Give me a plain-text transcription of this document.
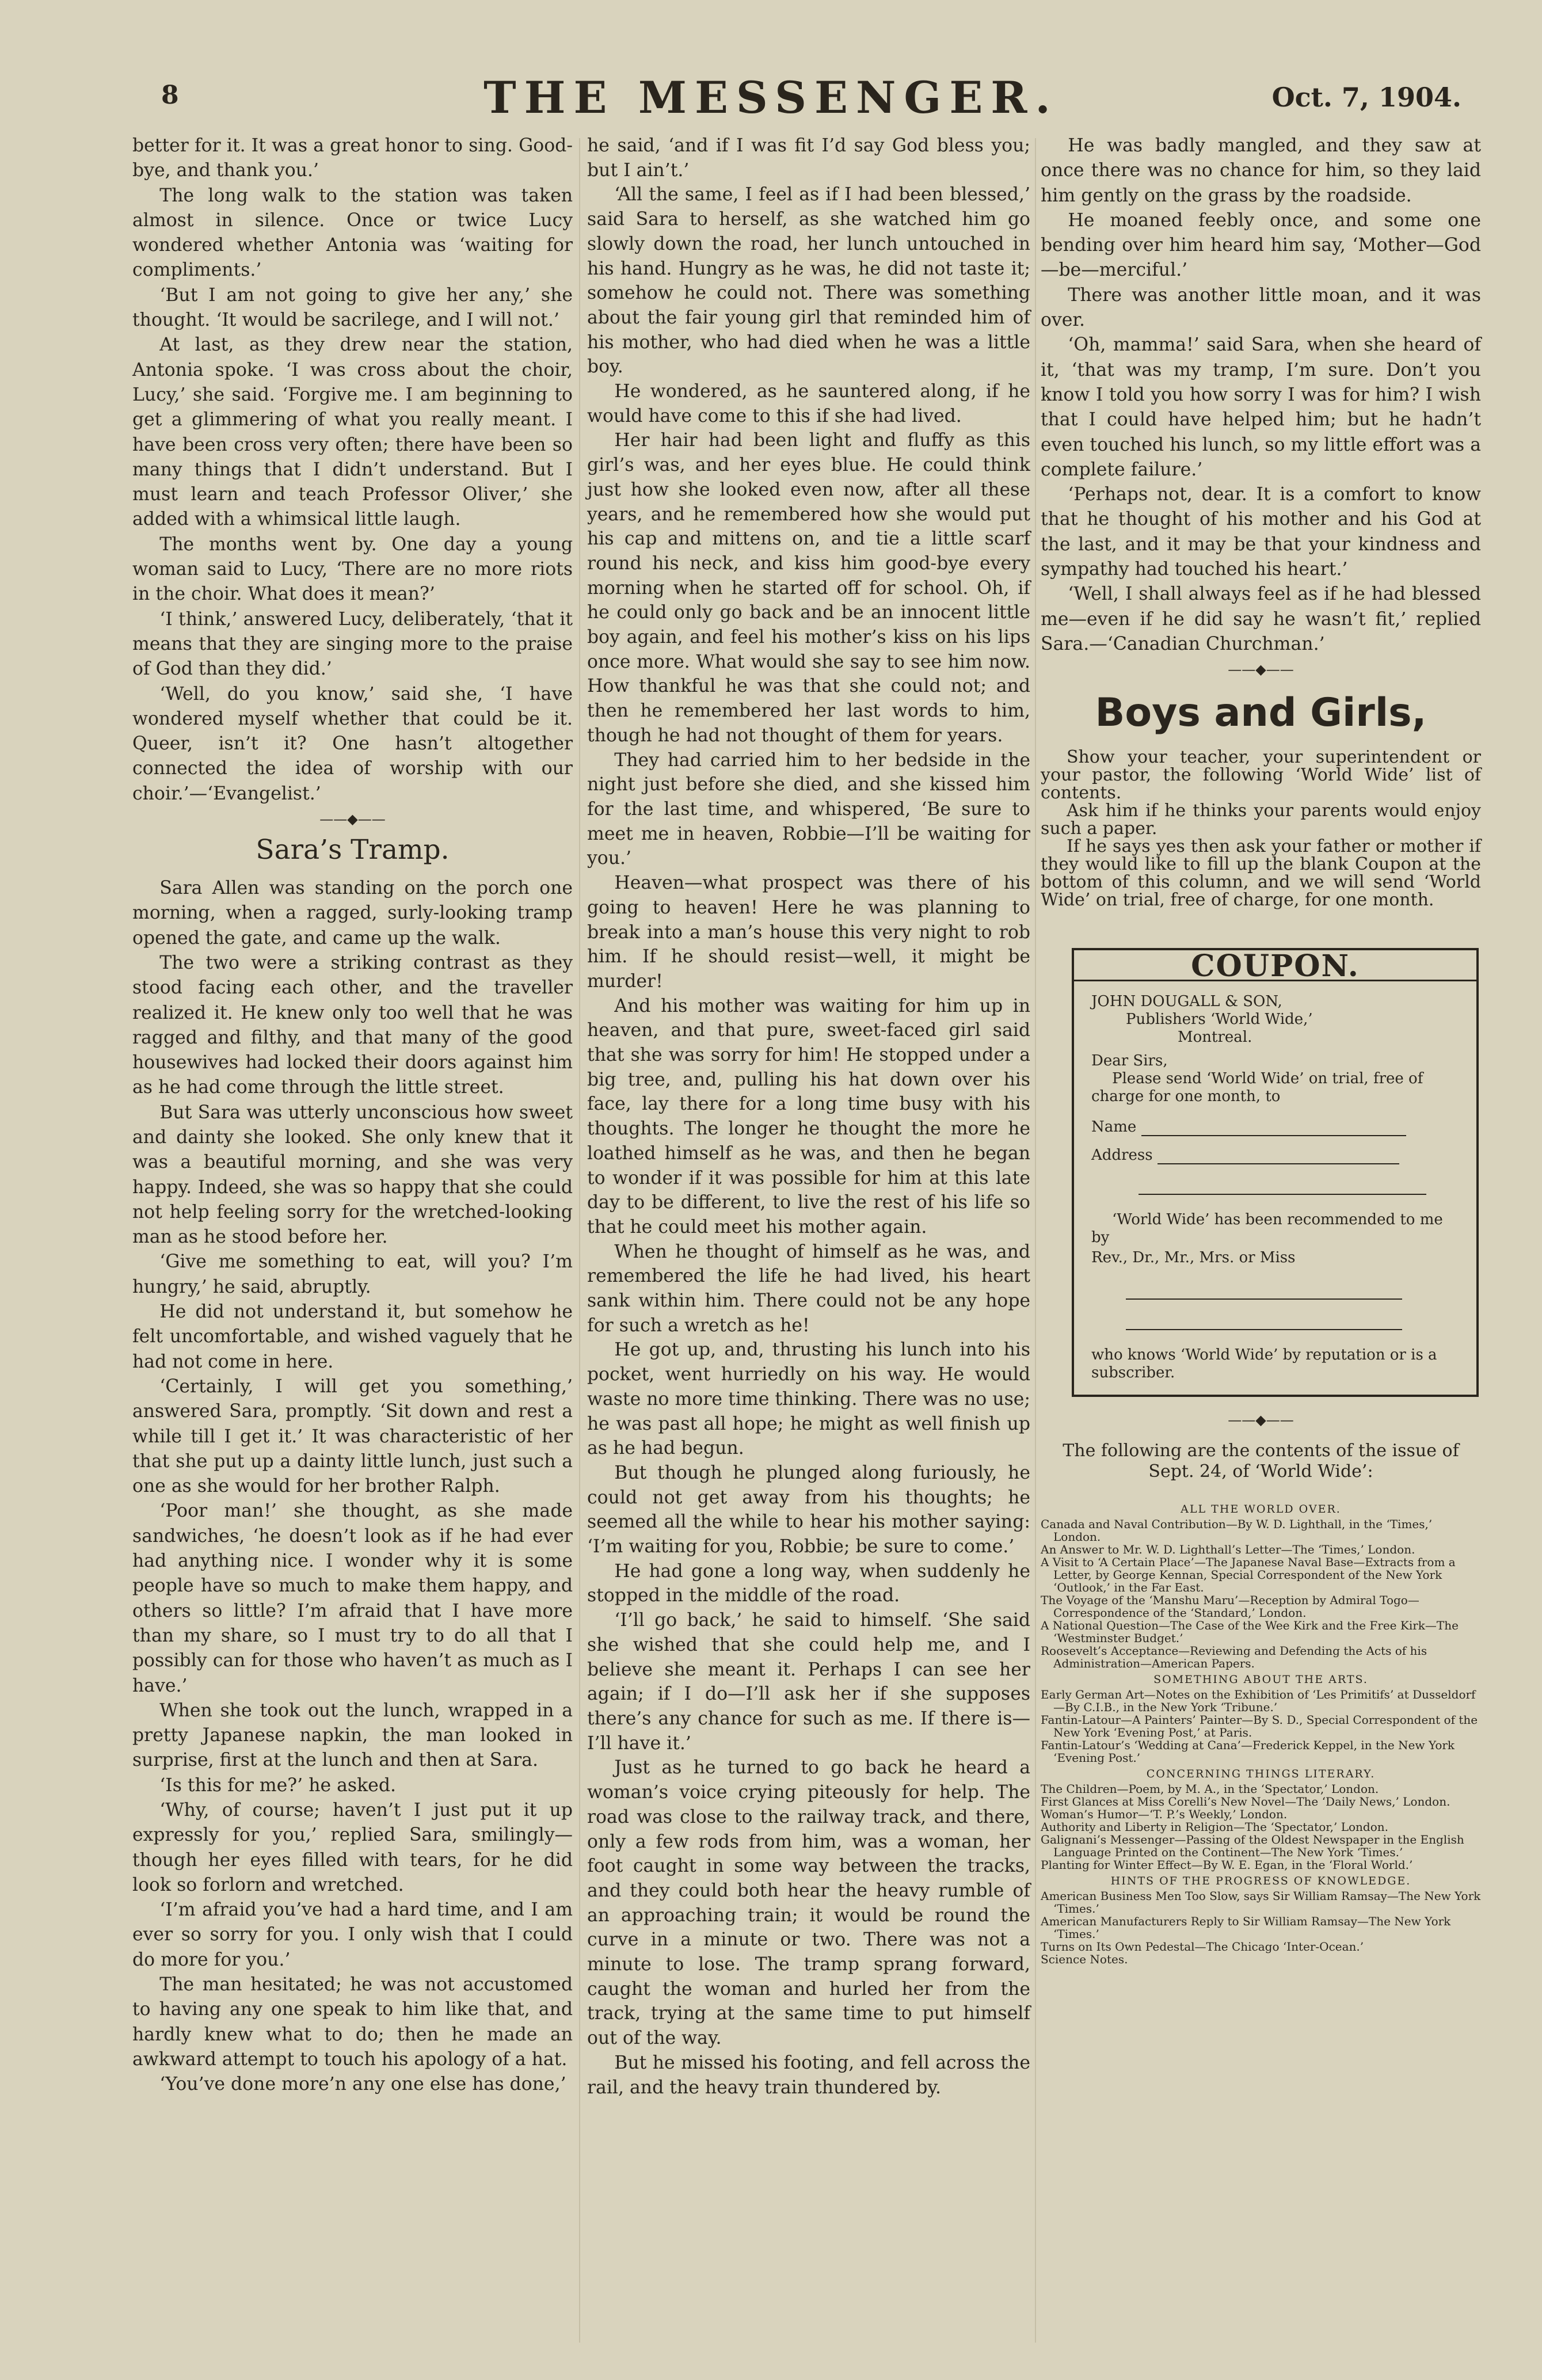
8	THE MESSENGER.	Oct. 7, 1904.

better for it. It was a great honor to sing. Good-bye, and thank you.’

The long walk to the station was taken almost in silence. Once or twice Lucy wondered whether Antonia was ‘waiting for compliments.’

‘But I am not going to give her any,’ she thought. ‘It would be sacrilege, and I will not.’

At last, as they drew near the station, Antonia spoke. ‘I was cross about the choir, Lucy,’ she said. ‘Forgive me. I am beginning to get a glimmering of what you really meant. I have been cross very often; there have been so many things that I didn’t understand. But I must learn and teach Professor Oliver,’ she added with a whimsical little laugh.

The months went by. One day a young woman said to Lucy, ‘There are no more riots in the choir. What does it mean?’

‘I think,’ answered Lucy, deliberately, ‘that it means that they are singing more to the praise of God than they did.’

‘Well, do you know,’ said she, ‘I have wondered myself whether that could be it. Queer, isn’t it? One hasn’t altogether connected the idea of worship with our choir.’—‘Evangelist.’

——◆——
Sara’s Tramp.

Sara Allen was standing on the porch one morning, when a ragged, surly-looking tramp opened the gate, and came up the walk.

The two were a striking contrast as they stood facing each other, and the traveller realized it. He knew only too well that he was ragged and filthy, and that many of the good housewives had locked their doors against him as he had come through the little street.

But Sara was utterly unconscious how sweet and dainty she looked. She only knew that it was a beautiful morning, and she was very happy. Indeed, she was so happy that she could not help feeling sorry for the wretched-looking man as he stood before her.

‘Give me something to eat, will you? I’m hungry,’ he said, abruptly.

He did not understand it, but somehow he felt uncomfortable, and wished vaguely that he had not come in here.

‘Certainly, I will get you something,’ answered Sara, promptly. ‘Sit down and rest a while till I get it.’ It was characteristic of her that she put up a dainty little lunch, just such a one as she would for her brother Ralph.

‘Poor man!’ she thought, as she made sandwiches, ‘he doesn’t look as if he had ever had anything nice. I wonder why it is some people have so much to make them happy, and others so little? I’m afraid that I have more than my share, so I must try to do all that I possibly can for those who haven’t as much as I have.’

When she took out the lunch, wrapped in a pretty Japanese napkin, the man looked in surprise, first at the lunch and then at Sara.

‘Is this for me?’ he asked.

‘Why, of course; haven’t I just put it up expressly for you,’ replied Sara, smilingly—though her eyes filled with tears, for he did look so forlorn and wretched.

‘I’m afraid you’ve had a hard time, and I am ever so sorry for you. I only wish that I could do more for you.’

The man hesitated; he was not accustomed to having any one speak to him like that, and hardly knew what to do; then he made an awkward attempt to touch his apology of a hat.

‘You’ve done more’n any one else has done,’

he said, ‘and if I was fit I’d say God bless you; but I ain’t.’

‘All the same, I feel as if I had been blessed,’ said Sara to herself, as she watched him go slowly down the road, her lunch untouched in his hand. Hungry as he was, he did not taste it; somehow he could not. There was something about the fair young girl that reminded him of his mother, who had died when he was a little boy.

He wondered, as he sauntered along, if he would have come to this if she had lived.

Her hair had been light and fluffy as this girl’s was, and her eyes blue. He could think just how she looked even now, after all these years, and he remembered how she would put his cap and mittens on, and tie a little scarf round his neck, and kiss him good-bye every morning when he started off for school. Oh, if he could only go back and be an innocent little boy again, and feel his mother’s kiss on his lips once more. What would she say to see him now. How thankful he was that she could not; and then he remembered her last words to him, though he had not thought of them for years.

They had carried him to her bedside in the night just before she died, and she kissed him for the last time, and whispered, ‘Be sure to meet me in heaven, Robbie—I’ll be waiting for you.’

Heaven—what prospect was there of his going to heaven! Here he was planning to break into a man’s house this very night to rob him. If he should resist—well, it might be murder!

And his mother was waiting for him up in heaven, and that pure, sweet-faced girl said that she was sorry for him! He stopped under a big tree, and, pulling his hat down over his face, lay there for a long time busy with his thoughts. The longer he thought the more he loathed himself as he was, and then he began to wonder if it was possible for him at this late day to be different, to live the rest of his life so that he could meet his mother again.

When he thought of himself as he was, and remembered the life he had lived, his heart sank within him. There could not be any hope for such a wretch as he!

He got up, and, thrusting his lunch into his pocket, went hurriedly on his way. He would waste no more time thinking. There was no use; he was past all hope; he might as well finish up as he had begun.

But though he plunged along furiously, he could not get away from his thoughts; he seemed all the while to hear his mother saying: ‘I’m waiting for you, Robbie; be sure to come.’

He had gone a long way, when suddenly he stopped in the middle of the road.

‘I’ll go back,’ he said to himself. ‘She said she wished that she could help me, and I believe she meant it. Perhaps I can see her again; if I do—I’ll ask her if she supposes there’s any chance for such as me. If there is—I’ll have it.’

Just as he turned to go back he heard a woman’s voice crying piteously for help. The road was close to the railway track, and there, only a few rods from him, was a woman, her foot caught in some way between the tracks, and they could both hear the heavy rumble of an approaching train; it would be round the curve in a minute or two. There was not a minute to lose. The tramp sprang forward, caught the woman and hurled her from the track, trying at the same time to put himself out of the way.

But he missed his footing, and fell across the rail, and the heavy train thundered by.

He was badly mangled, and they saw at once there was no chance for him, so they laid him gently on the grass by the roadside.

He moaned feebly once, and some one bending over him heard him say, ‘Mother—God—be—merciful.’

There was another little moan, and it was over.

‘Oh, mamma!’ said Sara, when she heard of it, ‘that was my tramp, I’m sure. Don’t you know I told you how sorry I was for him? I wish that I could have helped him; but he hadn’t even touched his lunch, so my little effort was a complete failure.’

‘Perhaps not, dear. It is a comfort to know that he thought of his mother and his God at the last, and it may be that your kindness and sympathy had touched his heart.’

‘Well, I shall always feel as if he had blessed me—even if he did say he wasn’t fit,’ replied Sara.—‘Canadian Churchman.’

——◆——
Boys and Girls,

Show your teacher, your superintendent or your pastor, the following ‘World Wide’ list of contents.

Ask him if he thinks your parents would enjoy such a paper.

If he says yes then ask your father or mother if they would like to fill up the blank Coupon at the bottom of this column, and we will send ‘World Wide’ on trial, free of charge, for one month.

COUPON.
JOHN DOUGALL & SON,
Publishers ‘World Wide,’
Montreal.
Dear Sirs,
Please send ‘World Wide’ on trial, free of charge for one month, to
Name
Address
‘World Wide’ has been recommended to me by
Rev., Dr., Mr., Mrs. or Miss
who knows ‘World Wide’ by reputation or is a subscriber.
——◆——
The following are the contents of the issue of Sept. 24, of ‘World Wide’:
ALL THE WORLD OVER.
Canada and Naval Contribution—By W. D. Lighthall, in the ‘Times,’ London.
An Answer to Mr. W. D. Lighthall’s Letter—The ‘Times,’ London.
A Visit to ‘A Certain Place’—The Japanese Naval Base—Extracts from a Letter, by George Kennan, Special Correspondent of the New York ‘Outlook,’ in the Far East.
The Voyage of the ‘Manshu Maru’—Reception by Admiral Togo—Correspondence of the ‘Standard,’ London.
A National Question—The Case of the Wee Kirk and the Free Kirk—The ‘Westminster Budget.’
Roosevelt’s Acceptance—Reviewing and Defending the Acts of his Administration—American Papers.
SOMETHING ABOUT THE ARTS.
Early German Art—Notes on the Exhibition of ‘Les Primitifs’ at Dusseldorf—By C.I.B., in the New York ‘Tribune.’
Fantin-Latour—A Painters’ Painter—By S. D., Special Correspondent of the New York ‘Evening Post,’ at Paris.
Fantin-Latour’s ‘Wedding at Cana’—Frederick Keppel, in the New York ‘Evening Post.’
CONCERNING THINGS LITERARY.
The Children—Poem, by M. A., in the ‘Spectator,’ London.
First Glances at Miss Corelli’s New Novel—The ‘Daily News,’ London.
Woman’s Humor—‘T. P.’s Weekly,’ London.
Authority and Liberty in Religion—The ‘Spectator,’ London.
Galignani’s Messenger—Passing of the Oldest Newspaper in the English Language Printed on the Continent—The New York ‘Times.’
Planting for Winter Effect—By W. E. Egan, in the ‘Floral World.’
HINTS OF THE PROGRESS OF KNOWLEDGE.
American Business Men Too Slow, says Sir William Ramsay—The New York ‘Times.’
American Manufacturers Reply to Sir William Ramsay—The New York ‘Times.’
Turns on Its Own Pedestal—The Chicago ‘Inter-Ocean.’
Science Notes.
